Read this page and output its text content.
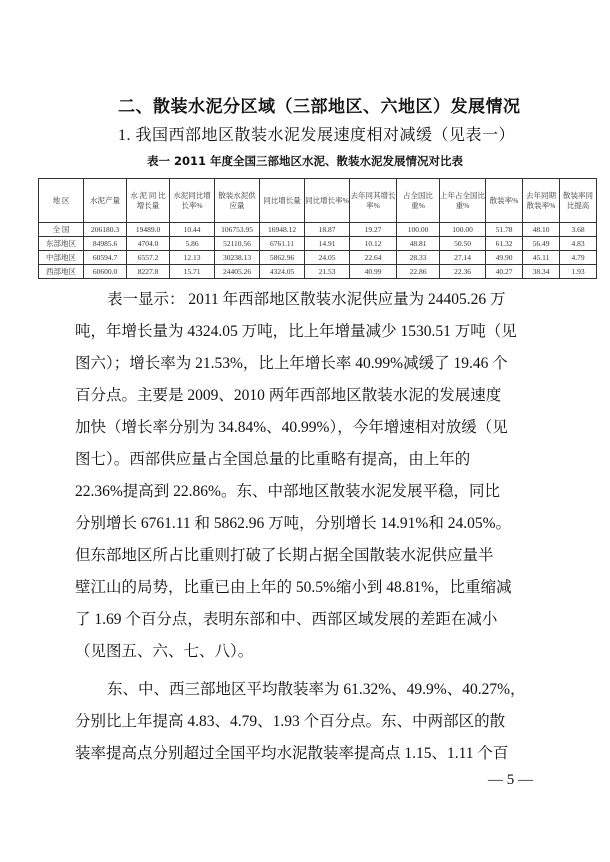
二、散装水泥分区域（三部地区、六地区）发展情况
1. 我国西部地区散装水泥发展速度相对减缓（见表一）
表一 2011 年度全国三部地区水泥、散装水泥发展情况对比表
地 区	水泥产量	水 泥 同 比 增长量	水泥同比增长率%	散装水泥供应量	同比增长量	同比增长率%	去年同其增长率%	占全国比重%	上年占全国比重%	散装率%	去年同期散装率%	散装率同比提高
全 国	206180.3	19489.0	10.44	106753.95	16948.12	18.87	19.27	100.00	100.00	51.78	48.10	3.68
东部地区	84985.6	4704.0	5.86	52110.56	6761.11	14.91	10.12	48.81	50.50	61.32	56.49	4.83
中部地区	60594.7	6557.2	12.13	30238.13	5862.96	24.05	22.64	28.33	27.14	49.90	45.11	4.79
西部地区	60600.0	8227.8	15.71	24405.26	4324.05	21.53	40.99	22.86	22.36	40.27	38.34	1.93
表一显示： 2011 年西部地区散装水泥供应量为 24405.26 万
吨，年增长量为 4324.05 万吨，比上年增量减少 1530.51 万吨（见
图六）；增长率为 21.53%，比上年增长率 40.99%减缓了 19.46 个
百分点。主要是 2009、2010 两年西部地区散装水泥的发展速度
加快（增长率分别为 34.84%、40.99%），今年增速相对放缓（见
图七）。西部供应量占全国总量的比重略有提高，由上年的
22.36%提高到 22.86%。东、中部地区散装水泥发展平稳，同比
分别增长 6761.11 和 5862.96 万吨，分别增长 14.91%和 24.05%。
但东部地区所占比重则打破了长期占据全国散装水泥供应量半
壁江山的局势，比重已由上年的 50.5%缩小到 48.81%，比重缩减
了 1.69 个百分点，表明东部和中、西部区域发展的差距在减小
（见图五、六、七、八）。
东、中、西三部地区平均散装率为 61.32%、49.9%、40.27%，
分别比上年提高 4.83、4.79、1.93 个百分点。东、中两部区的散
装率提高点分别超过全国平均水泥散装率提高点 1.15、1.11 个百
— 5 —
